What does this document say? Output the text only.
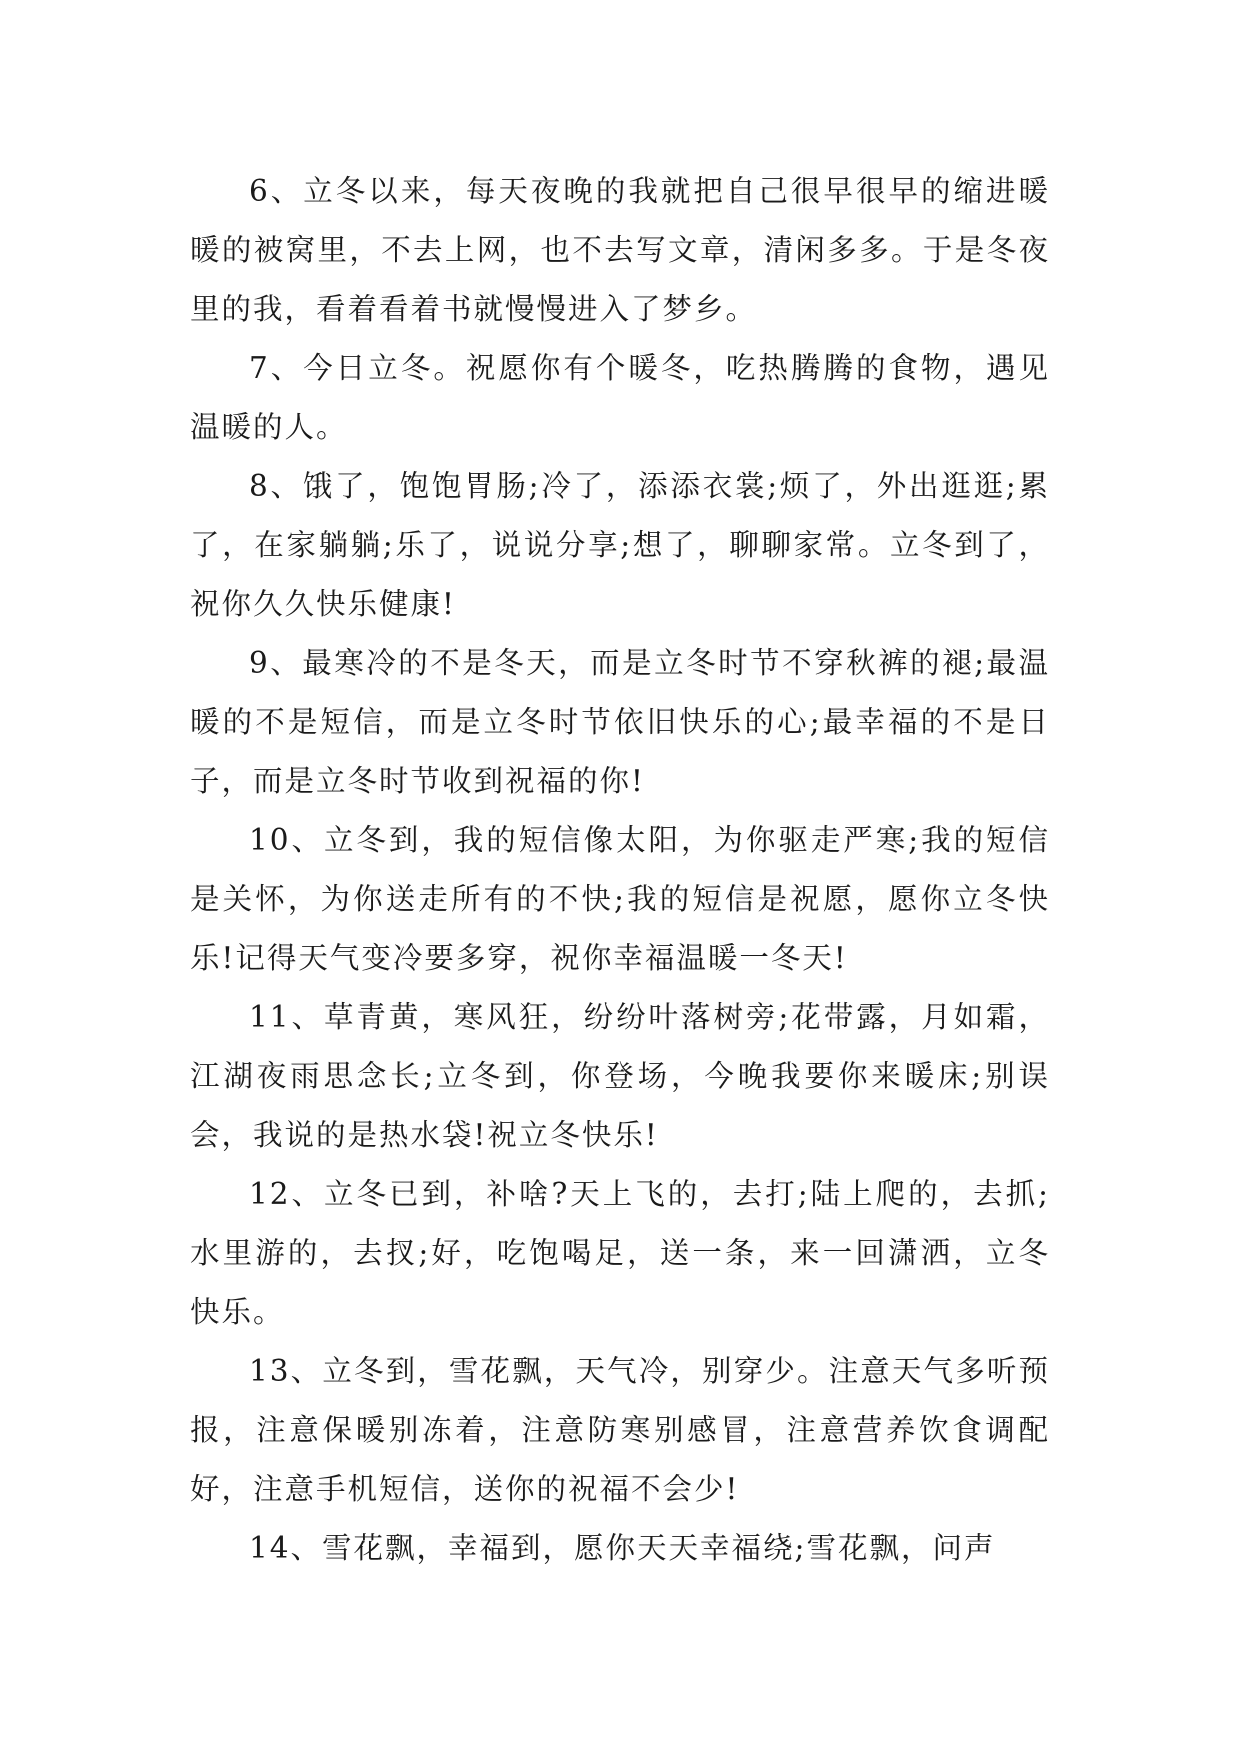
6、立冬以来，每天夜晚的我就把自己很早很早的缩进暖暖的被窝里，不去上网，也不去写文章，清闲多多。于是冬夜里的我，看着看着书就慢慢进入了梦乡。

7、今日立冬。祝愿你有个暖冬，吃热腾腾的食物，遇见温暖的人。

8、饿了，饱饱胃肠;冷了，添添衣裳;烦了，外出逛逛;累了，在家躺躺;乐了，说说分享;想了，聊聊家常。立冬到了，祝你久久快乐健康!

9、最寒冷的不是冬天，而是立冬时节不穿秋裤的褪;最温暖的不是短信，而是立冬时节依旧快乐的心;最幸福的不是日子，而是立冬时节收到祝福的你!

10、立冬到，我的短信像太阳，为你驱走严寒;我的短信是关怀，为你送走所有的不快;我的短信是祝愿，愿你立冬快乐!记得天气变冷要多穿，祝你幸福温暖一冬天!

11、草青黄，寒风狂，纷纷叶落树旁;花带露，月如霜，江湖夜雨思念长;立冬到，你登场，今晚我要你来暖床;别误会，我说的是热水袋!祝立冬快乐!

12、立冬已到，补啥?天上飞的，去打;陆上爬的，去抓;水里游的，去扠;好，吃饱喝足，送一条，来一回潇洒，立冬快乐。

13、立冬到，雪花飘，天气冷，别穿少。注意天气多听预报，注意保暖别冻着，注意防寒别感冒，注意营养饮食调配好，注意手机短信，送你的祝福不会少!

14、雪花飘，幸福到，愿你天天幸福绕;雪花飘，问声
